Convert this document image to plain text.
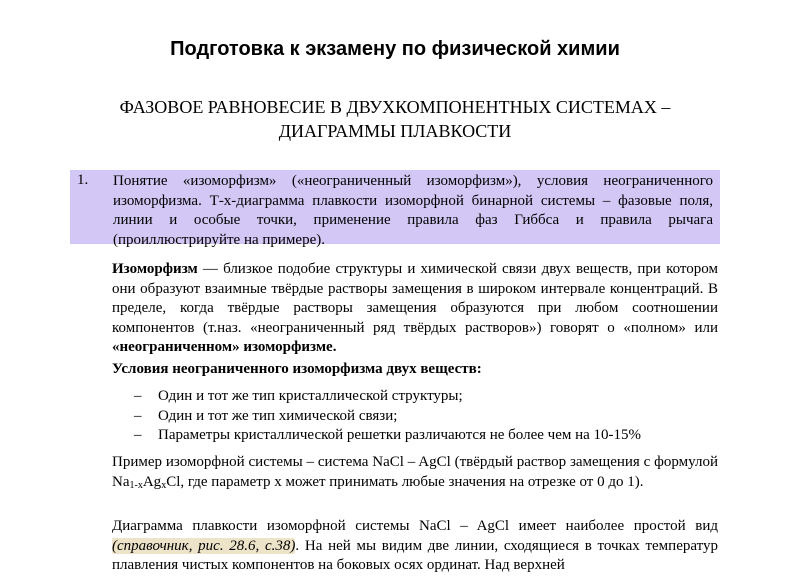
Подготовка к экзамену по физической химии
ФАЗОВОЕ РАВНОВЕСИЕ В ДВУХКОМПОНЕНТНЫХ СИСТЕМАХ – ДИАГРАММЫ ПЛАВКОСТИ
1. Понятие «изоморфизм» («неограниченный изоморфизм»), условия неограниченного изоморфизма. Т-х-диаграмма плавкости изоморфной бинарной системы – фазовые поля, линии и особые точки, применение правила фаз Гиббса и правила рычага (проиллюстрируйте на примере).
Изоморфизм — близкое подобие структуры и химической связи двух веществ, при котором они образуют взаимные твёрдые растворы замещения в широком интервале концентраций. В пределе, когда твёрдые растворы замещения образуются при любом соотношении компонентов (т.наз. «неограниченный ряд твёрдых растворов») говорят о «полном» или «неограниченном» изоморфизме.
Условия неограниченного изоморфизма двух веществ:
– Один и тот же тип кристаллической структуры;
– Один и тот же тип химической связи;
– Параметры кристаллической решетки различаются не более чем на 10-15%
Пример изоморфной системы – система NaCl – AgCl (твёрдый раствор замещения с формулой $Na_{1-x}Ag_xCl$, где параметр x может принимать любые значения на отрезке от 0 до 1).
Диаграмма плавкости изоморфной системы NaCl – AgCl имеет наиболее простой вид (справочник, рис. 28.6, с.38). На ней мы видим две линии, сходящиеся в точках температур плавления чистых компонентов на боковых осях ординат. Над верхней
